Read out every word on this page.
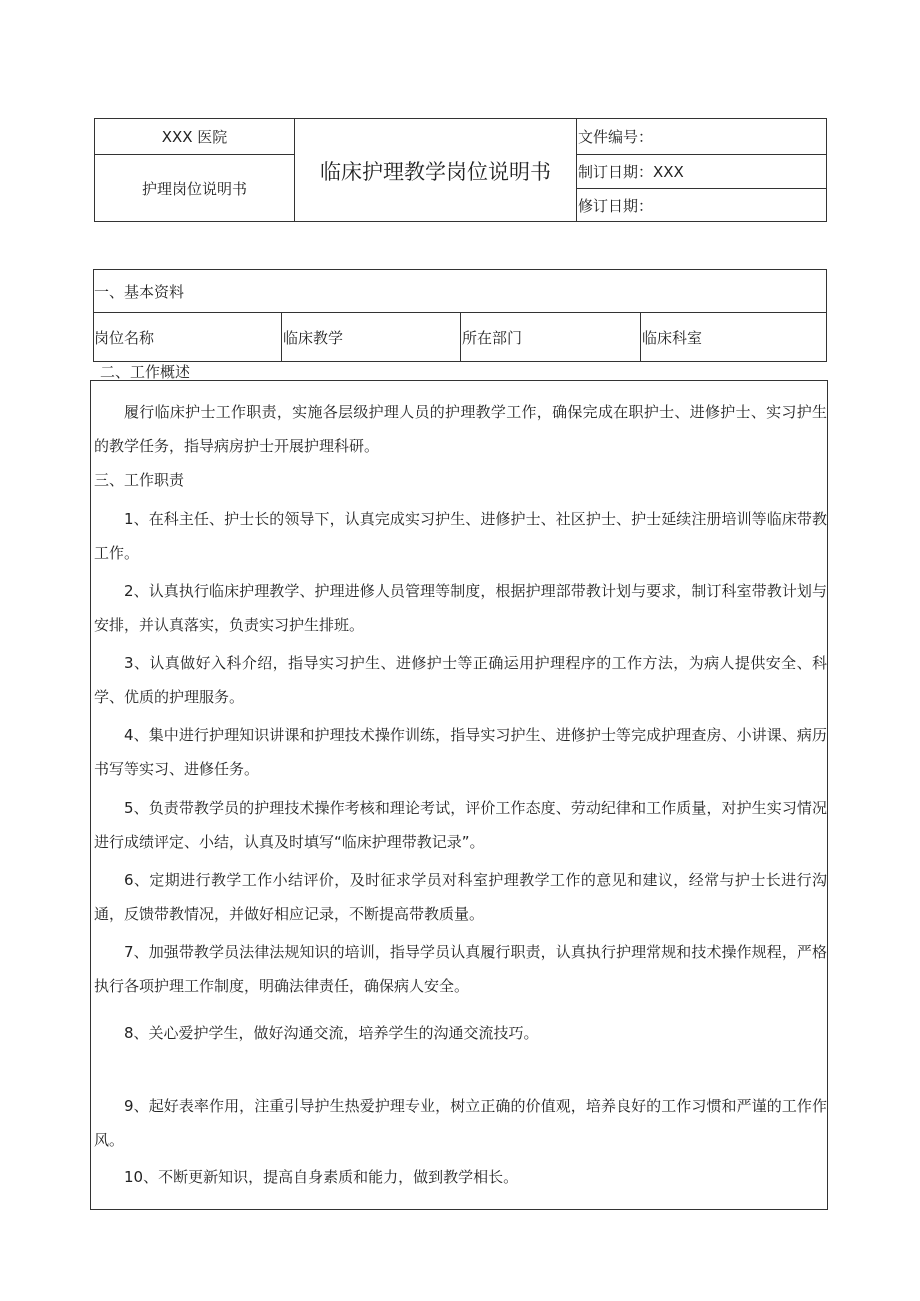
XXX 医院
护理岗位说明书
临床护理教学岗位说明书
文件编号：
制订日期：XXX
修订日期：
一、基本资料
岗位名称	临床教学	所在部门	临床科室
二、工作概述

履行临床护士工作职责，实施各层级护理人员的护理教学工作，确保完成在职护士、进修护士、实习护生的教学任务，指导病房护士开展护理科研。

三、工作职责

1、在科主任、护士长的领导下，认真完成实习护生、进修护士、社区护士、护士延续注册培训等临床带教工作。

2、认真执行临床护理教学、护理进修人员管理等制度，根据护理部带教计划与要求，制订科室带教计划与安排，并认真落实，负责实习护生排班。

3、认真做好入科介绍，指导实习护生、进修护士等正确运用护理程序的工作方法，为病人提供安全、科学、优质的护理服务。

4、集中进行护理知识讲课和护理技术操作训练，指导实习护生、进修护士等完成护理查房、小讲课、病历书写等实习、进修任务。

5、负责带教学员的护理技术操作考核和理论考试，评价工作态度、劳动纪律和工作质量，对护生实习情况进行成绩评定、小结，认真及时填写“临床护理带教记录”。

6、定期进行教学工作小结评价，及时征求学员对科室护理教学工作的意见和建议，经常与护士长进行沟通，反馈带教情况，并做好相应记录，不断提高带教质量。

7、加强带教学员法律法规知识的培训，指导学员认真履行职责，认真执行护理常规和技术操作规程，严格执行各项护理工作制度，明确法律责任，确保病人安全。

8、关心爱护学生，做好沟通交流，培养学生的沟通交流技巧。

9、起好表率作用，注重引导护生热爱护理专业，树立正确的价值观，培养良好的工作习惯和严谨的工作作风。

10、不断更新知识，提高自身素质和能力，做到教学相长。
